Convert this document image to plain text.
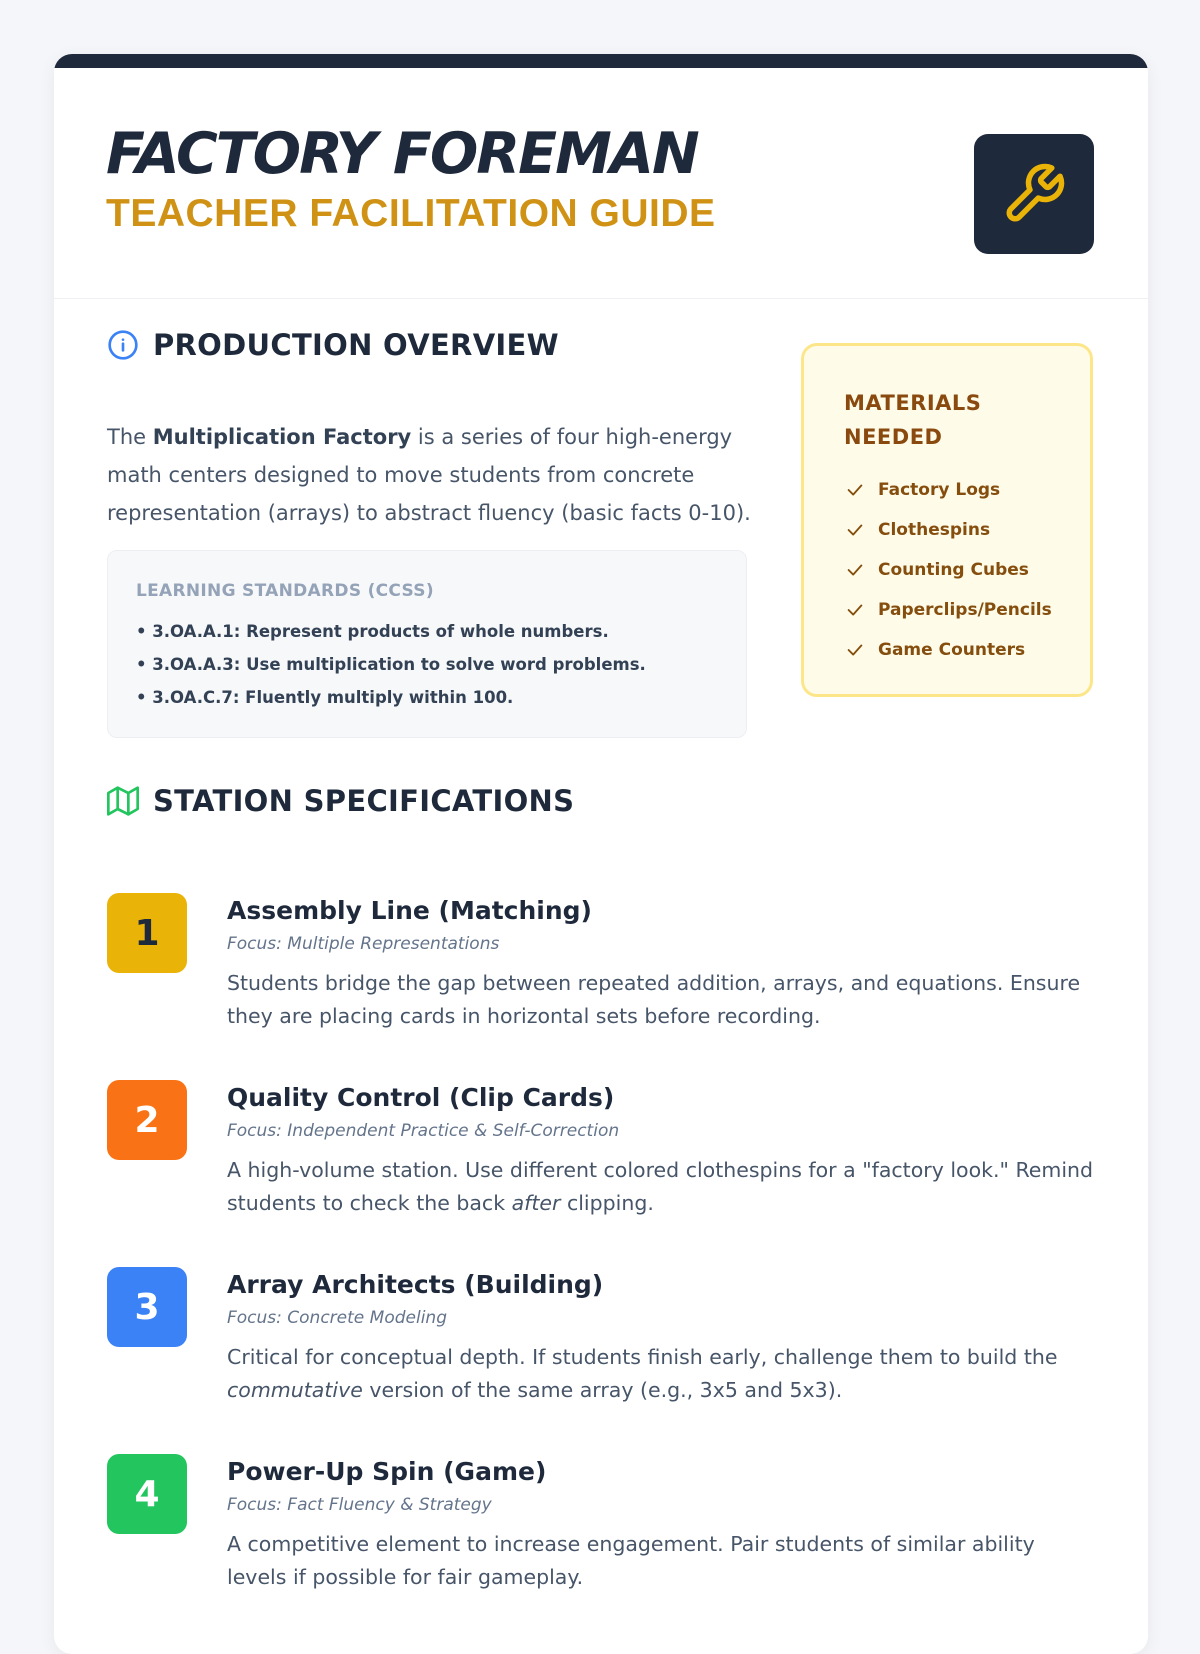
FACTORY FOREMAN
TEACHER FACILITATION GUIDE
PRODUCTION OVERVIEW

The Multiplication Factory is a series of four high-energy math centers designed to move students from concrete representation (arrays) to abstract fluency (basic facts 0-10).

LEARNING STANDARDS (CCSS)
• 3.OA.A.1: Represent products of whole numbers.
• 3.OA.A.3: Use multiplication to solve word problems.
• 3.OA.C.7: Fluently multiply within 100.
MATERIALS
NEEDED
Factory Logs
Clothespins
Counting Cubes
Paperclips/Pencils
Game Counters
STATION SPECIFICATIONS
1
Assembly Line (Matching)

Focus: Multiple Representations

Students bridge the gap between repeated addition, arrays, and equations. Ensure they are placing cards in horizontal sets before recording.

2
Quality Control (Clip Cards)

Focus: Independent Practice & Self-Correction

A high-volume station. Use different colored clothespins for a "factory look." Remind students to check the back after clipping.

3
Array Architects (Building)

Focus: Concrete Modeling

Critical for conceptual depth. If students finish early, challenge them to build the commutative version of the same array (e.g., 3x5 and 5x3).

4
Power-Up Spin (Game)

Focus: Fact Fluency & Strategy

A competitive element to increase engagement. Pair students of similar ability levels if possible for fair gameplay.
